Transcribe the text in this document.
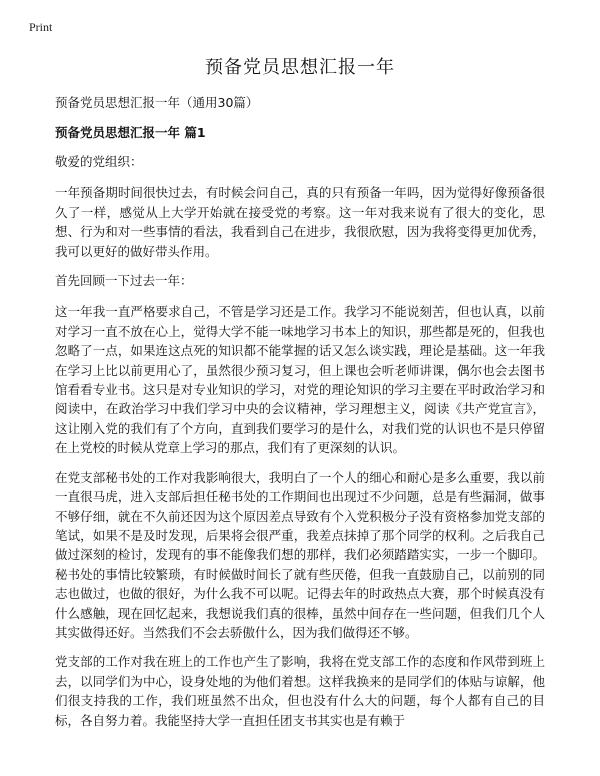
Print
预备党员思想汇报一年
预备党员思想汇报一年（通用30篇）
预备党员思想汇报一年 篇1

敬爱的党组织：

一年预备期时间很快过去，有时候会问自己，真的只有预备一年吗，因为觉得好像预备很久了一样，感觉从上大学开始就在接受党的考察。这一年对我来说有了很大的变化，思想、行为和对一些事情的看法，我看到自己在进步，我很欣慰，因为我将变得更加优秀，我可以更好的做好带头作用。

首先回顾一下过去一年：

这一年我一直严格要求自己，不管是学习还是工作。我学习不能说刻苦，但也认真，以前对学习一直不放在心上，觉得大学不能一味地学习书本上的知识，那些都是死的，但我也忽略了一点，如果连这点死的知识都不能掌握的话又怎么谈实践，理论是基础。这一年我在学习上比以前更用心了，虽然很少预习复习，但上课也会听老师讲课，偶尔也会去图书馆看看专业书。这只是对专业知识的学习，对党的理论知识的学习主要在平时政治学习和阅读中，在政治学习中我们学习中央的会议精神，学习理想主义，阅读《共产党宣言》，这让刚入党的我们有了个方向，直到我们要学习的是什么，对我们党的认识也不是只停留在上党校的时候从党章上学习的那点，我们有了更深刻的认识。

在党支部秘书处的工作对我影响很大，我明白了一个人的细心和耐心是多么重要，我以前一直很马虎，进入支部后担任秘书处的工作期间也出现过不少问题，总是有些漏洞，做事不够仔细，就在不久前还因为这个原因差点导致有个入党积极分子没有资格参加党支部的笔试，如果不是及时发现，后果将会很严重，我差点抹掉了那个同学的权利。之后我自己做过深刻的检讨，发现有的事不能像我们想的那样，我们必须踏踏实实，一步一个脚印。秘书处的事情比较繁琐，有时候做时间长了就有些厌倦，但我一直鼓励自己，以前别的同志也做过，也做的很好，为什么我不可以呢。记得去年的时政热点大赛，那个时候真没有什么感触，现在回忆起来，我想说我们真的很棒，虽然中间存在一些问题，但我们几个人其实做得还好。当然我们不会去骄傲什么，因为我们做得还不够。

党支部的工作对我在班上的工作也产生了影响，我将在党支部工作的态度和作风带到班上去，以同学们为中心，设身处地的为他们着想。这样我换来的是同学们的体贴与谅解，他们很支持我的工作，我们班虽然不出众，但也没有什么大的问题，每个人都有自己的目标，各自努力着。我能坚持大学一直担任团支书其实也是有赖于
